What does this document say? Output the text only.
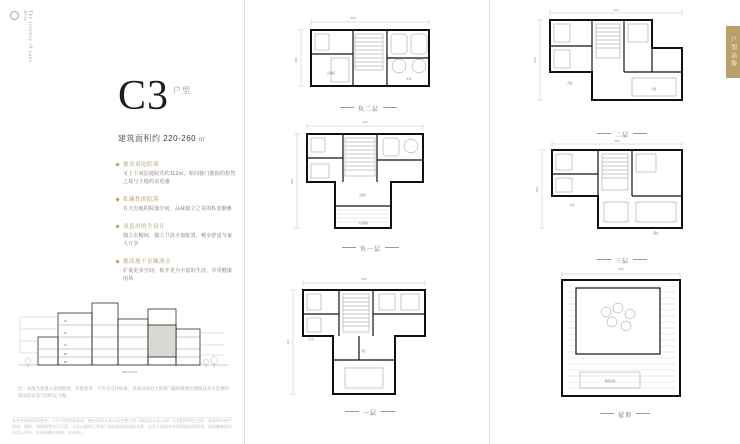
The Journey of Lake Arts
C3 户型
建筑面积约 220-260 ㎡
独享双庭院落
可上下双层庭院共约112㎡，如同独门独院的悠然之境与土地的亲近感
私藏性的院落
有天有地的院落空间，品味独立之美的私密静雅
双套房的全设计
独立衣帽间，独立卫浴全套配置，畅享舒适与家人互享
挑高地下室藏酒会
扩展更多空间，拓开更为丰富的生活，享受健康用风
3F
2F
1F
B1
B2
SECTION A-A
注：本图为效果示意剖面图，仅供参考，不作为交付标准，具体以政府主管部门最终批准的图纸及双方签署的商品房买卖合同约定为准。
本宣传资料仅供参考，不作为要约或承诺，相关权利义务以双方签订的《商品房买卖合同》及其附件约定为准；本资料中的户型图、面积、效果图等均为示意，实际以政府主管部门最终批准的图纸为准；出卖人保留对本资料修改的权利，最终解释权归出卖人所有。本资料制作时间：2020年。
3600
2400
车库
设备间
负二层
4200
3300
家庭厅
下沉庭院
负一层
5100
1800
客厅
玄关
一层
户型品鉴
3600
2400
主卧
次卧
二层
4200
3300
露台
书房
三层
5100
屋顶花园
屋顶
